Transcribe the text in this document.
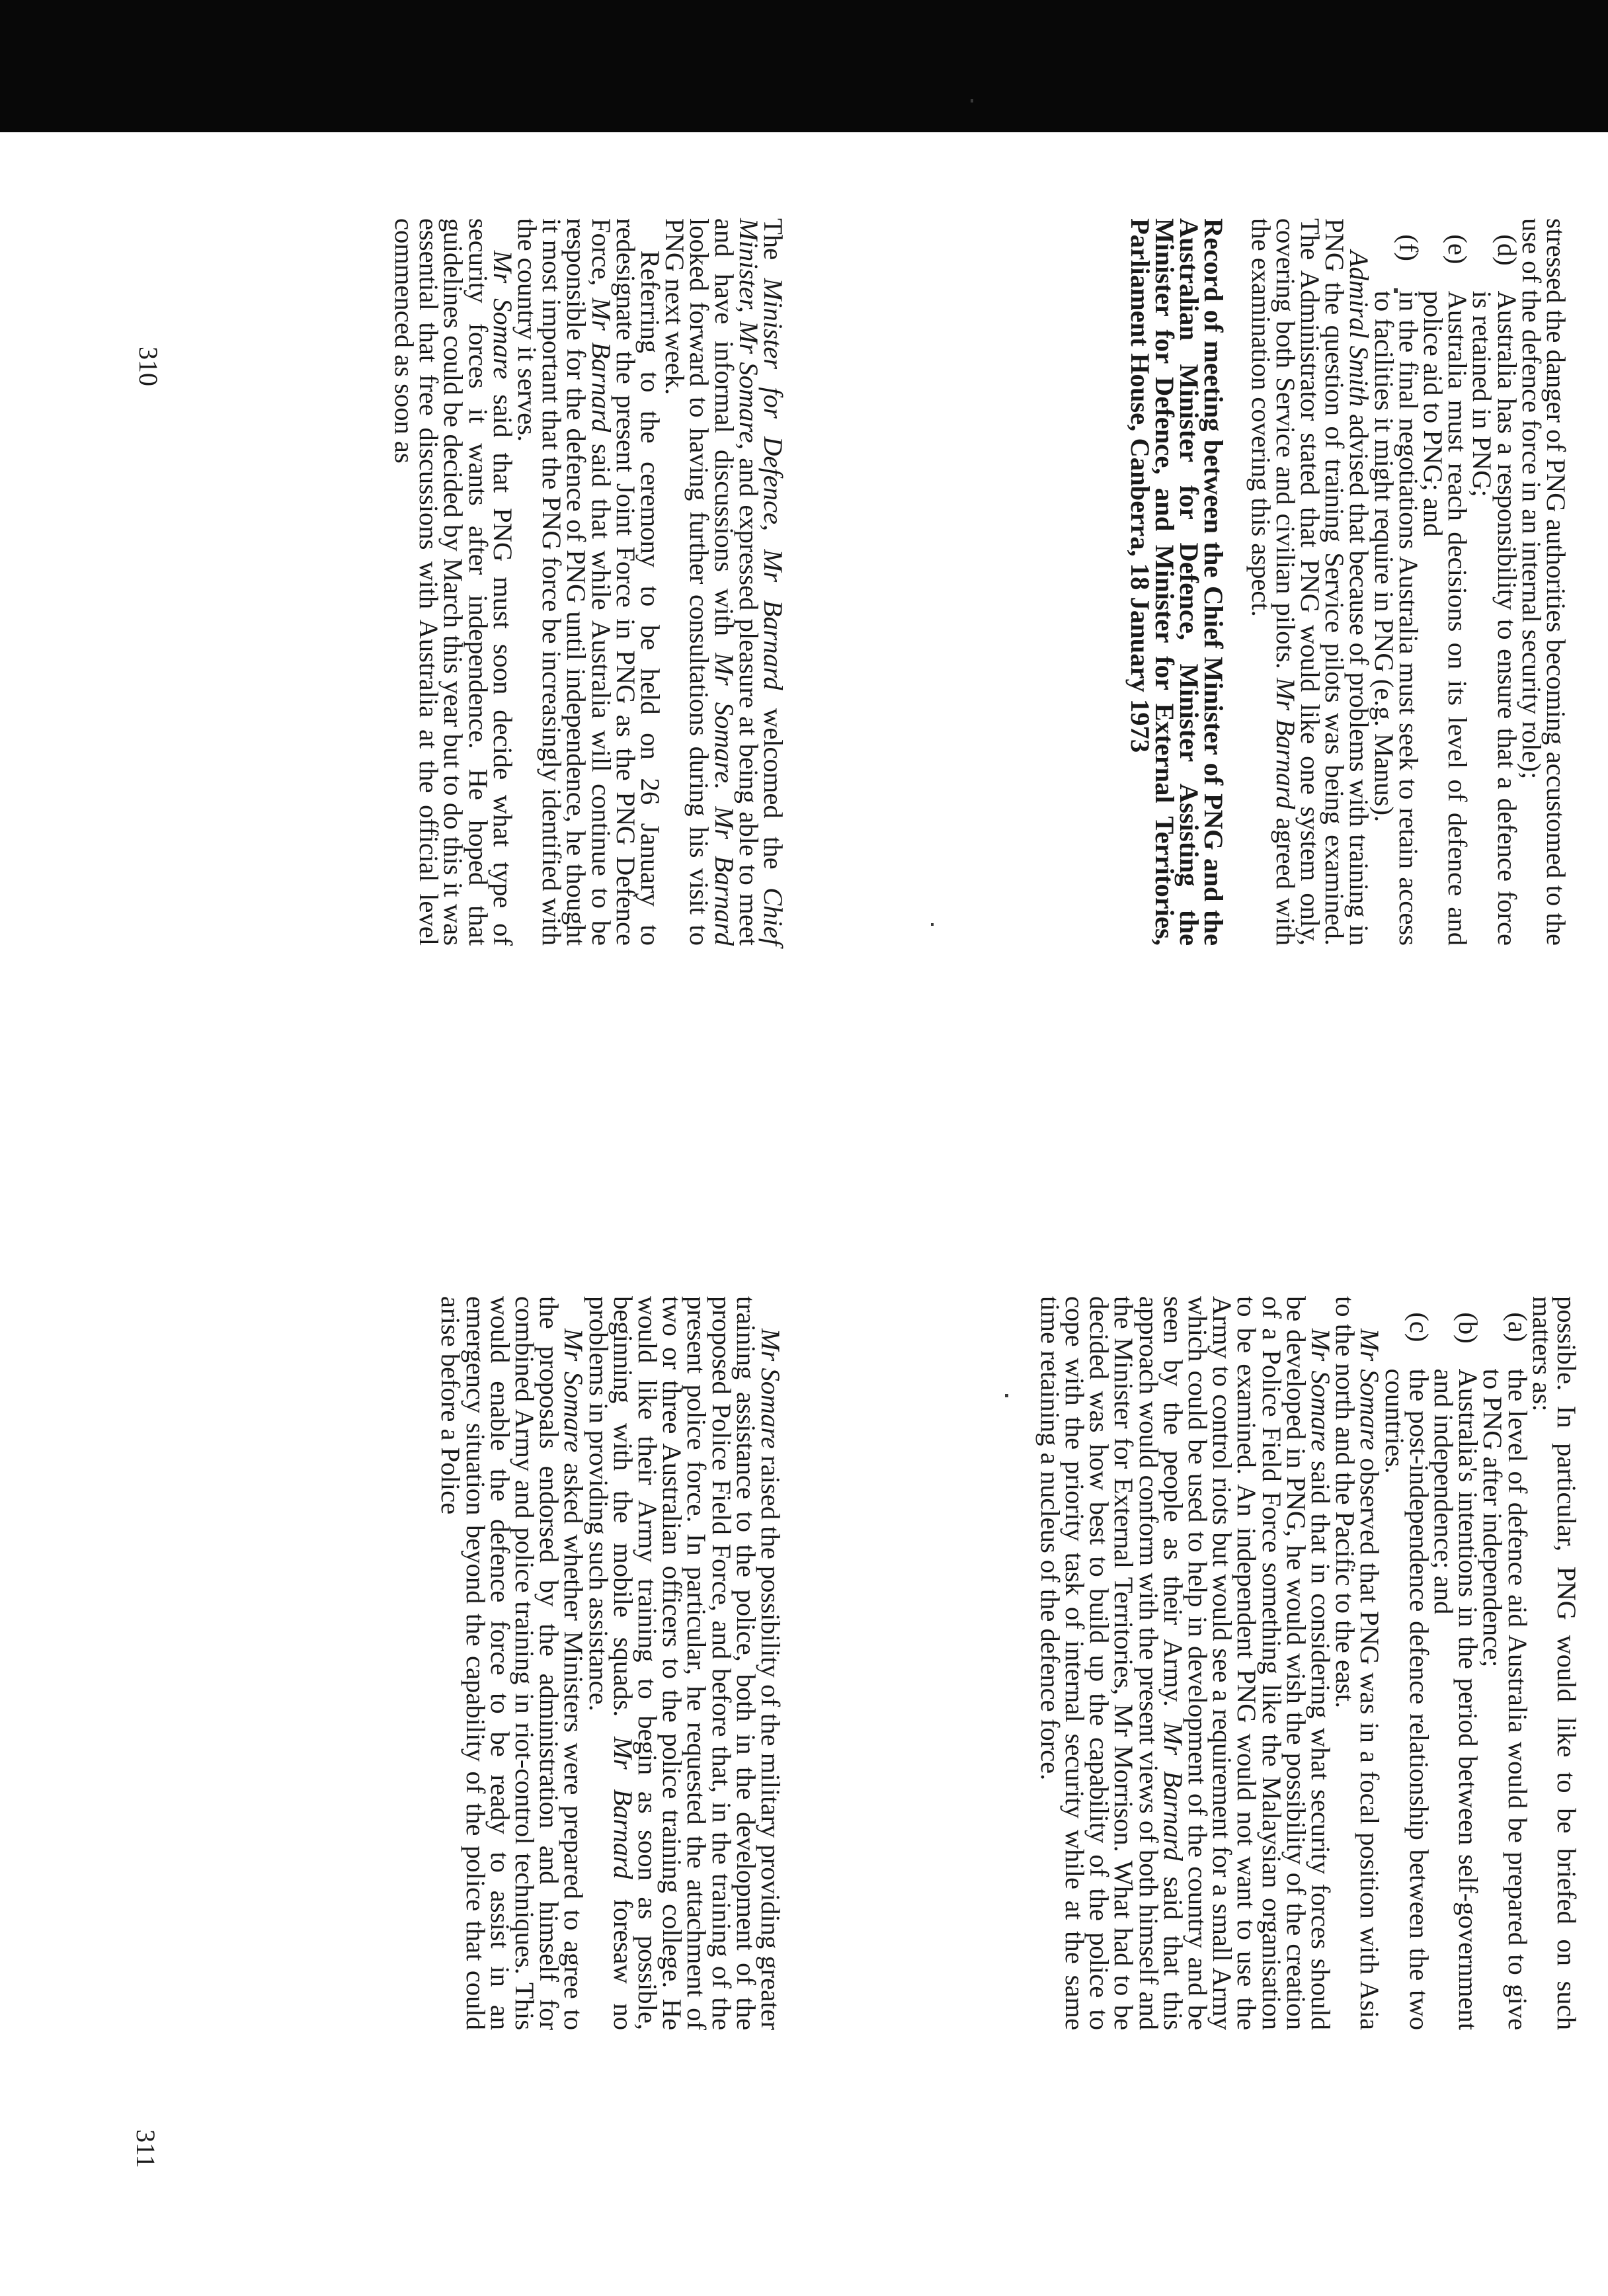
stressed the danger of PNG authorities becoming accustomed to the use of the defence force in an internal security role);

(d)
Australia has a responsibility to ensure that a defence force is retained in PNG;
(e)
Australia must reach decisions on its level of defence and police aid to PNG; and
(f)
in the final negotiations Australia must seek to retain access to facilities it might require in PNG (e.g. Manus).

Admiral Smith advised that because of problems with training in PNG the question of training Service pilots was being examined. The Administrator stated that PNG would like one system only, covering both Service and civilian pilots. Mr Barnard agreed with the examination covering this aspect.

Record of meeting between the Chief Minister of PNG and the Australian Minister for Defence, Minister Assisting the Minister for Defence, and Minister for External Territories, Parliament House, Canberra, 18 January 1973

The Minister for Defence, Mr Barnard welcomed the Chief Minister, Mr Somare, and expressed pleasure at being able to meet and have informal discussions with Mr Somare. Mr Barnard looked forward to having further consultations during his visit to PNG next week.

Referring to the ceremony to be held on 26 January to redesignate the present Joint Force in PNG as the PNG Defence Force, Mr Barnard said that while Australia will continue to be responsible for the defence of PNG until independence, he thought it most important that the PNG force be increasingly identified with the country it serves.

Mr Somare said that PNG must soon decide what type of security forces it wants after independence. He hoped that guidelines could be decided by March this year but to do this it was essential that free discussions with Australia at the official level commenced as soon as

possible. In particular, PNG would like to be briefed on such matters as:

(a)
the level of defence aid Australia would be prepared to give to PNG after independence;
(b)
Australia's intentions in the period between self-government and independence; and
(c)
the post-independence defence relationship between the two countries.

Mr Somare observed that PNG was in a focal position with Asia to the north and the Pacific to the east.

Mr Somare said that in considering what security forces should be developed in PNG, he would wish the possibility of the creation of a Police Field Force something like the Malaysian organisation to be examined. An independent PNG would not want to use the Army to control riots but would see a requirement for a small Army which could be used to help in development of the country and be seen by the people as their Army. Mr Barnard said that this approach would conform with the present views of both himself and the Minister for External Territories, Mr Morrison. What had to be decided was how best to build up the capability of the police to cope with the priority task of internal security while at the same time retaining a nucleus of the defence force.

Mr Somare raised the possibility of the military providing greater training assistance to the police, both in the development of the proposed Police Field Force, and before that, in the training of the present police force. In particular, he requested the attachment of two or three Australian officers to the police training college. He would like their Army training to begin as soon as possible, beginning with the mobile squads. Mr Barnard foresaw no problems in providing such assistance.

Mr Somare asked whether Ministers were prepared to agree to the proposals endorsed by the administration and himself for combined Army and police training in riot-control techniques. This would enable the defence force to be ready to assist in an emergency situation beyond the capability of the police that could arise before a Police

310
311
